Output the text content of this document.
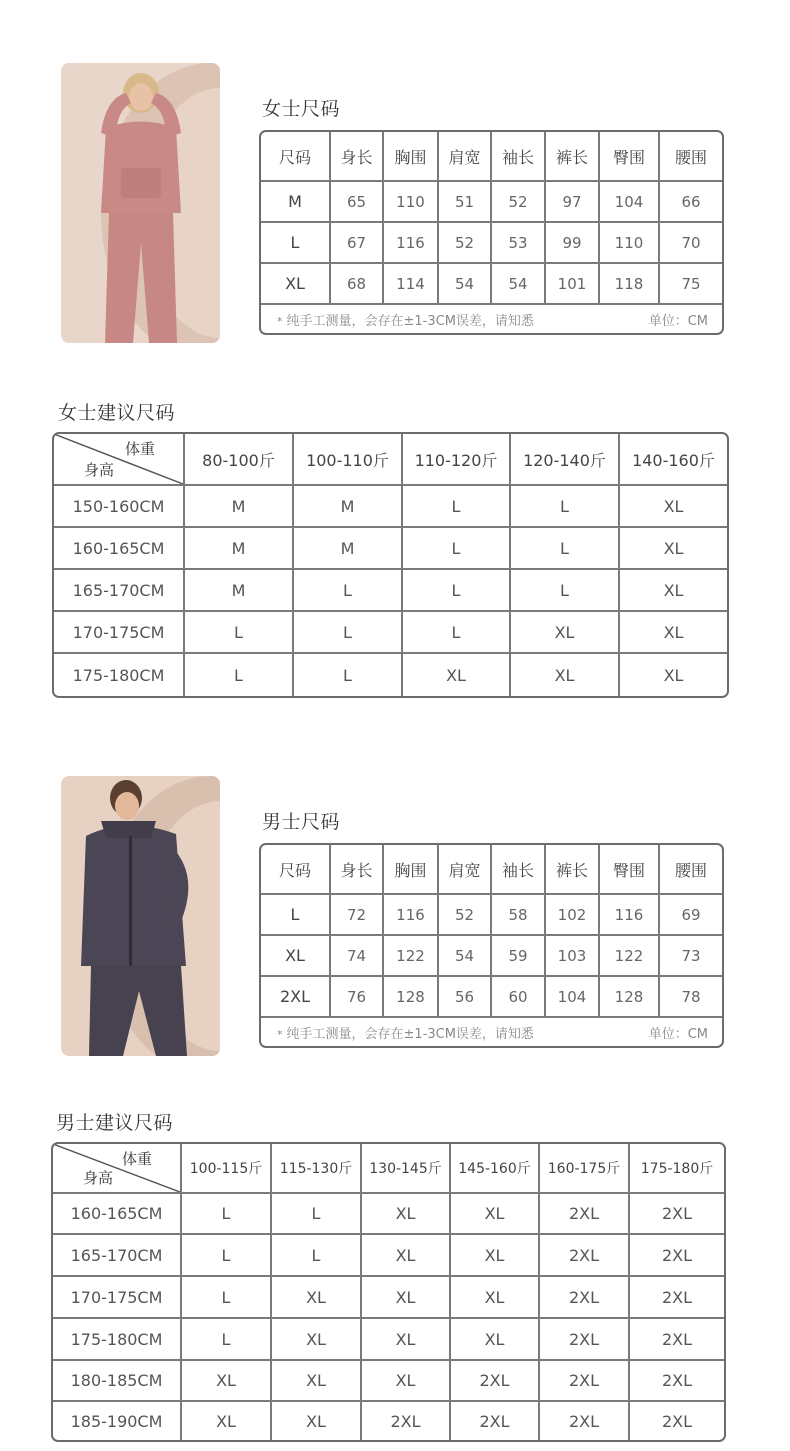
女士尺码
尺码	身长	胸围	肩宽	袖长	裤长	臀围	腰围
M	65	110	51	52	97	104	66
L	67	116	52	53	99	110	70
XL	68	114	54	54	101	118	75

* 纯手工测量，会存在±1-3CM误差，请知悉 单位：CM							
女士建议尺码
体重
身高	80-100斤	100-110斤	110-120斤	120-140斤	140-160斤
150-160CM	M	M	L	L	XL
160-165CM	M	M	L	L	XL
165-170CM	M	L	L	L	XL
170-175CM	L	L	L	XL	XL
175-180CM	L	L	XL	XL	XL
男士尺码
尺码	身长	胸围	肩宽	袖长	裤长	臀围	腰围
L	72	116	52	58	102	116	69
XL	74	122	54	59	103	122	73
2XL	76	128	56	60	104	128	78

* 纯手工测量，会存在±1-3CM误差，请知悉 单位：CM							
男士建议尺码
体重
身高	100-115斤	115-130斤	130-145斤	145-160斤	160-175斤	175-180斤
160-165CM	L	L	XL	XL	2XL	2XL
165-170CM	L	L	XL	XL	2XL	2XL
170-175CM	L	XL	XL	XL	2XL	2XL
175-180CM	L	XL	XL	XL	2XL	2XL
180-185CM	XL	XL	XL	2XL	2XL	2XL
185-190CM	XL	XL	2XL	2XL	2XL	2XL
